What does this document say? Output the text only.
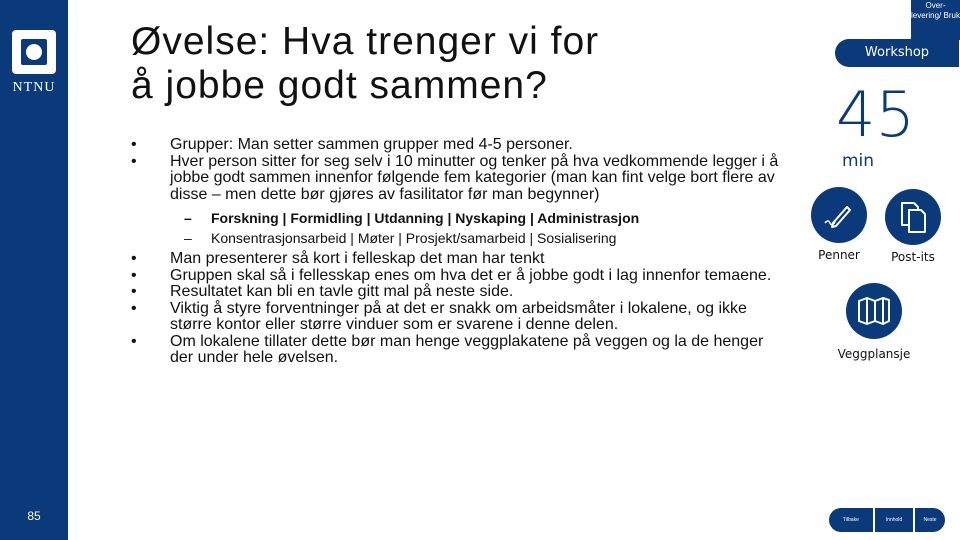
NTNU
85
Øvelse: Hva trenger vi for
å jobbe godt sammen?
• Grupper: Man setter sammen grupper med 4-5 personer.
• Hver person sitter for seg selv i 10 minutter og tenker på hva vedkommende legger i å jobbe godt sammen innenfor følgende fem kategorier (man kan fint velge bort flere av disse – men dette bør gjøres av fasilitator før man begynner)
– Forskning | Formidling | Utdanning | Nyskaping | Administrasjon
– Konsentrasjonsarbeid | Møter | Prosjekt/samarbeid | Sosialisering
• Man presenterer så kort i felleskap det man har tenkt
• Gruppen skal så i fellesskap enes om hva det er å jobbe godt i lag innenfor temaene.
• Resultatet kan bli en tavle gitt mal på neste side.
• Viktig å styre forventninger på at det er snakk om arbeidsmåter i lokalene, og ikke større kontor eller større vinduer som er svarene i denne delen.
• Om lokalene tillater dette bør man henge veggplakatene på veggen og la de henger der under hele øvelsen.
Over-levering/ Bruk
Workshop
45
min
Penner	Post-its
Veggplansje
Tilbake	Innhold	Neste
